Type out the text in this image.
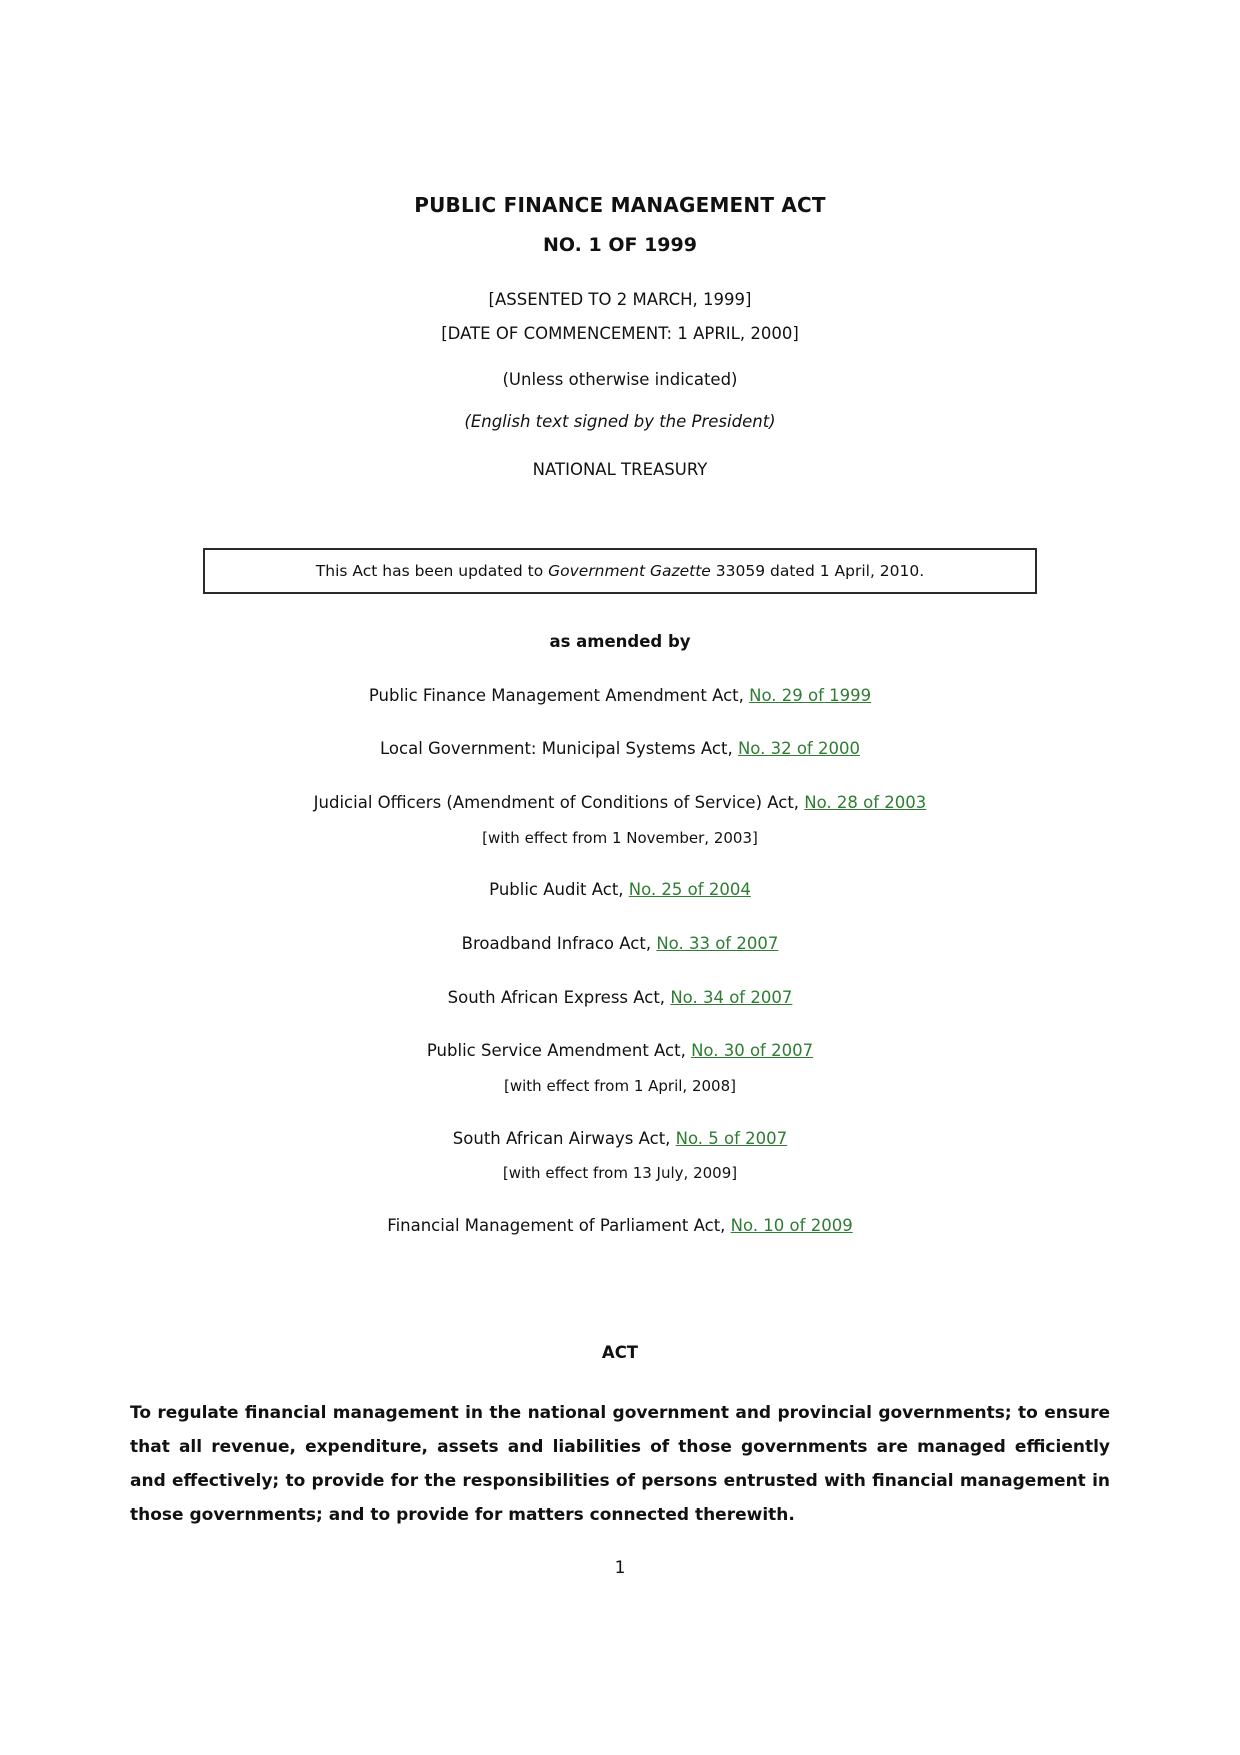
PUBLIC FINANCE MANAGEMENT ACT
NO. 1 OF 1999

[ASSENTED TO 2 MARCH, 1999]

[DATE OF COMMENCEMENT: 1 APRIL, 2000]

(Unless otherwise indicated)

(English text signed by the President)

NATIONAL TREASURY

This Act has been updated to Government Gazette 33059 dated 1 April, 2010.

as amended by

Public Finance Management Amendment Act, No. 29 of 1999

Local Government: Municipal Systems Act, No. 32 of 2000

Judicial Officers (Amendment of Conditions of Service) Act, No. 28 of 2003

[with effect from 1 November, 2003]

Public Audit Act, No. 25 of 2004

Broadband Infraco Act, No. 33 of 2007

South African Express Act, No. 34 of 2007

Public Service Amendment Act, No. 30 of 2007

[with effect from 1 April, 2008]

South African Airways Act, No. 5 of 2007

[with effect from 13 July, 2009]

Financial Management of Parliament Act, No. 10 of 2009

ACT

To regulate financial management in the national government and provincial governments; to ensure that all revenue, expenditure, assets and liabilities of those governments are managed efficiently and effectively; to provide for the responsibilities of persons entrusted with financial management in those governments; and to provide for matters connected therewith.

1
